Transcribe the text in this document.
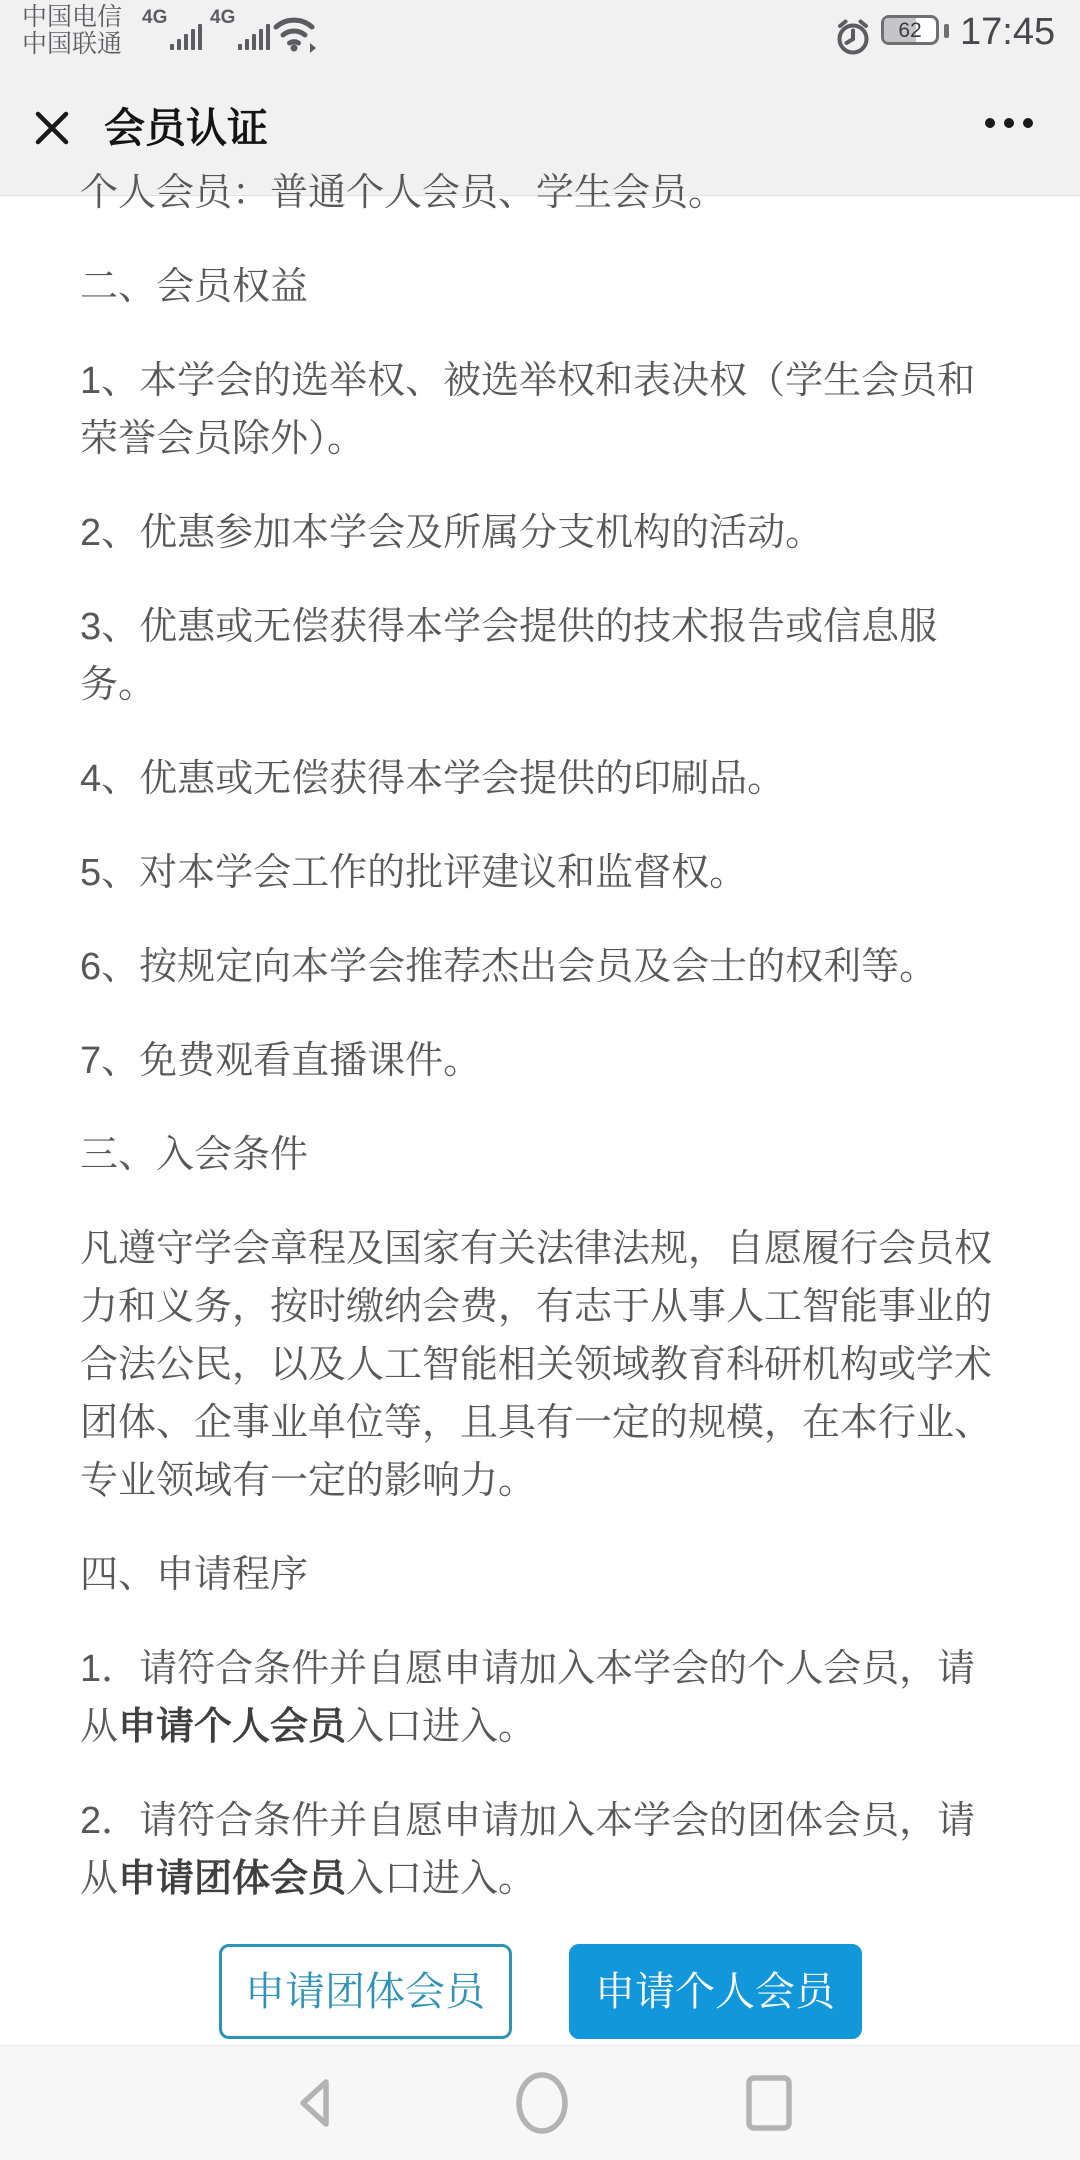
中国电信
中国联通
4G 4G
62	17:45
会员认证

个人会员：普通个人会员、学生会员。

二、会员权益

1、本学会的选举权、被选举权和表决权（学生会员和荣誉会员除外）。

2、优惠参加本学会及所属分支机构的活动。

3、优惠或无偿获得本学会提供的技术报告或信息服务。

4、优惠或无偿获得本学会提供的印刷品。

5、对本学会工作的批评建议和监督权。

6、按规定向本学会推荐杰出会员及会士的权利等。

7、免费观看直播课件。

三、入会条件

凡遵守学会章程及国家有关法律法规，自愿履行会员权力和义务，按时缴纳会费，有志于从事人工智能事业的合法公民，以及人工智能相关领域教育科研机构或学术团体、企事业单位等，且具有一定的规模，在本行业、专业领域有一定的影响力。

四、申请程序

1．请符合条件并自愿申请加入本学会的个人会员，请从申请个人会员入口进入。

2．请符合条件并自愿申请加入本学会的团体会员，请从申请团体会员入口进入。

申请团体会员	申请个人会员
